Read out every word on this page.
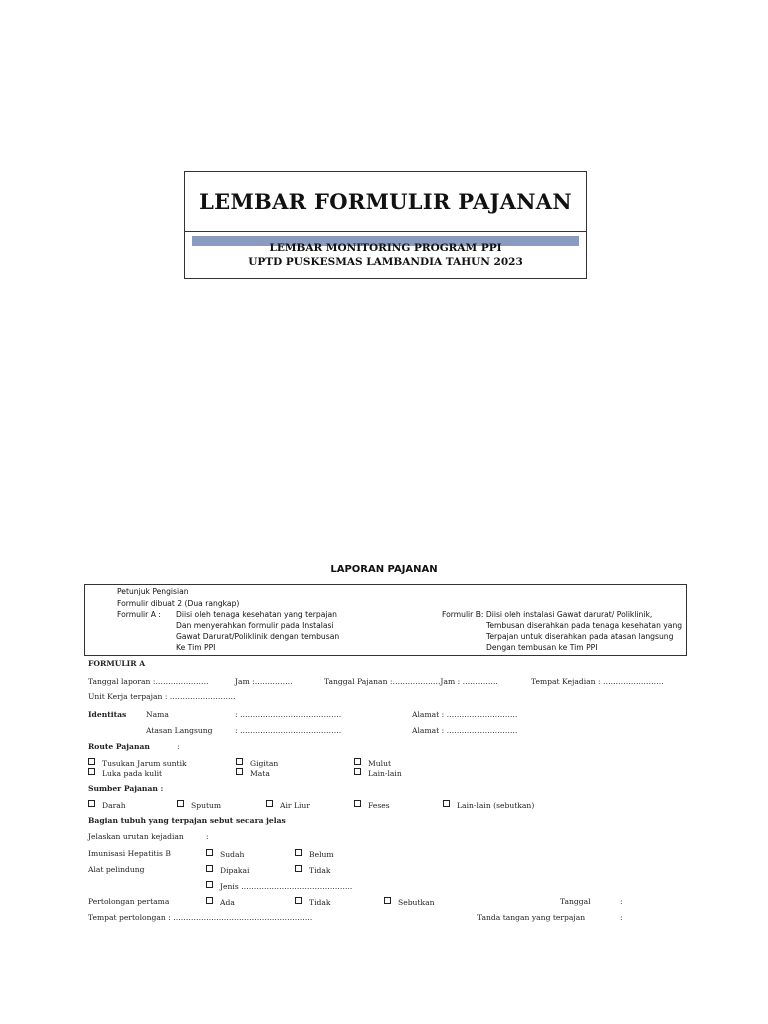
LEMBAR FORMULIR PAJANAN
LEMBAR MONITORING PROGRAM PPI
UPTD PUSKESMAS LAMBANDIA TAHUN 2023
LAPORAN PAJANAN
Petunjuk Pengisian
Formulir dibuat 2 (Dua rangkap)
Formulir A : Diisi oleh tenaga kesehatan yang terpajan
Dan menyerahkan formulir pada Instalasi
Gawat Darurat/Poliklinik dengan tembusan
Ke Tim PPI
Formulir B: Diisi oleh instalasi Gawat darurat/ Poliklinik,
Tembusan diserahkan pada tenaga kesehatan yang
Terpajan untuk diserahkan pada atasan langsung
Dengan tembusan ke Tim PPI
FORMULIR A
Tanggal laporan :…………………	Jam :……………	Tanggal Pajanan :……………….Jam : …………..	Tempat Kejadian : ……………………
Unit Kerja terpajan : ……………………..
Identitas	Nama	: ………………………………….	Alamat : ……………………….
Atasan Langsung	: ………………………………….	Alamat : ……………………….
Route Pajanan	:
Tusukan Jarum suntik	Gigitan	Mulut
Luka pada kulit	Mata	Lain-lain
Sumber Pajanan :
Darah	Sputum	Air Liur	Feses	Lain-lain (sebutkan)
Bagian tubuh yang terpajan sebut secara jelas
Jelaskan urutan kejadian	:
Imunisasi Hepatitis B	Sudah	Belum
Alat pelindung	Dipakai	Tidak
Jenis ……………………………………..
Pertolongan pertama	Ada	Tidak	Sebutkan	Tanggal	:
Tempat pertolongan : ……………………………………………….	Tanda tangan yang terpajan	:
